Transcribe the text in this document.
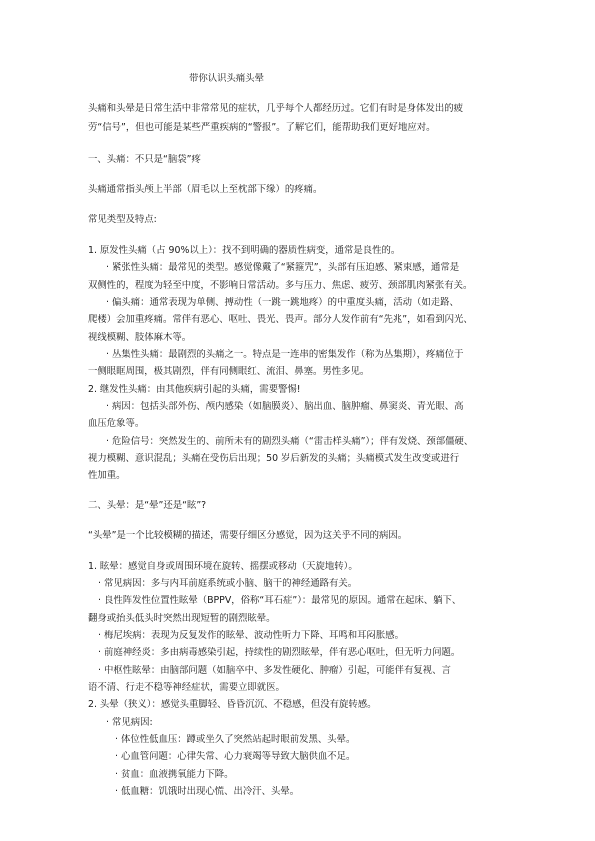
带你认识头痛头晕
头痛和头晕是日常生活中非常常见的症状，几乎每个人都经历过。它们有时是身体发出的疲
劳“信号”，但也可能是某些严重疾病的“警报”。了解它们，能帮助我们更好地应对。
一、头痛：不只是“脑袋”疼
头痛通常指头颅上半部（眉毛以上至枕部下缘）的疼痛。
常见类型及特点:
1. 原发性头痛（占 90%以上）：找不到明确的器质性病变，通常是良性的。
· 紧张性头痛：最常见的类型。感觉像戴了“紧箍咒”，头部有压迫感、紧束感，通常是
双侧性的，程度为轻至中度，不影响日常活动。多与压力、焦虑、疲劳、颈部肌肉紧张有关。
· 偏头痛：通常表现为单侧、搏动性（一跳一跳地疼）的中重度头痛，活动（如走路、
爬楼）会加重疼痛。常伴有恶心、呕吐、畏光、畏声。部分人发作前有“先兆”，如看到闪光、
视线模糊、肢体麻木等。
· 丛集性头痛：最剧烈的头痛之一。特点是一连串的密集发作（称为丛集期），疼痛位于
一侧眼眶周围，极其剧烈，伴有同侧眼红、流泪、鼻塞。男性多见。
2. 继发性头痛：由其他疾病引起的头痛，需要警惕!
· 病因：包括头部外伤、颅内感染（如脑膜炎）、脑出血、脑肿瘤、鼻窦炎、青光眼、高
血压危象等。
· 危险信号：突然发生的、前所未有的剧烈头痛（“雷击样头痛”）；伴有发烧、颈部僵硬、
视力模糊、意识混乱；头痛在受伤后出现；50 岁后新发的头痛；头痛模式发生改变或进行
性加重。
二、头晕：是“晕”还是“眩”?
“头晕”是一个比较模糊的描述，需要仔细区分感觉，因为这关乎不同的病因。
1. 眩晕：感觉自身或周围环境在旋转、摇摆或移动（天旋地转）。
· 常见病因：多与内耳前庭系统或小脑、脑干的神经通路有关。
· 良性阵发性位置性眩晕（BPPV，俗称“耳石症”）：最常见的原因。通常在起床、躺下、
翻身或抬头低头时突然出现短暂的剧烈眩晕。
· 梅尼埃病：表现为反复发作的眩晕、波动性听力下降、耳鸣和耳闷胀感。
· 前庭神经炎：多由病毒感染引起，持续性的剧烈眩晕，伴有恶心呕吐，但无听力问题。
· 中枢性眩晕：由脑部问题（如脑卒中、多发性硬化、肿瘤）引起，可能伴有复视、言
语不清、行走不稳等神经症状，需要立即就医。
2. 头晕（狭义）：感觉头重脚轻、昏昏沉沉、不稳感，但没有旋转感。
· 常见病因:
· 体位性低血压：蹲或坐久了突然站起时眼前发黑、头晕。
· 心血管问题：心律失常、心力衰竭等导致大脑供血不足。
· 贫血：血液携氧能力下降。
· 低血糖：饥饿时出现心慌、出冷汗、头晕。
